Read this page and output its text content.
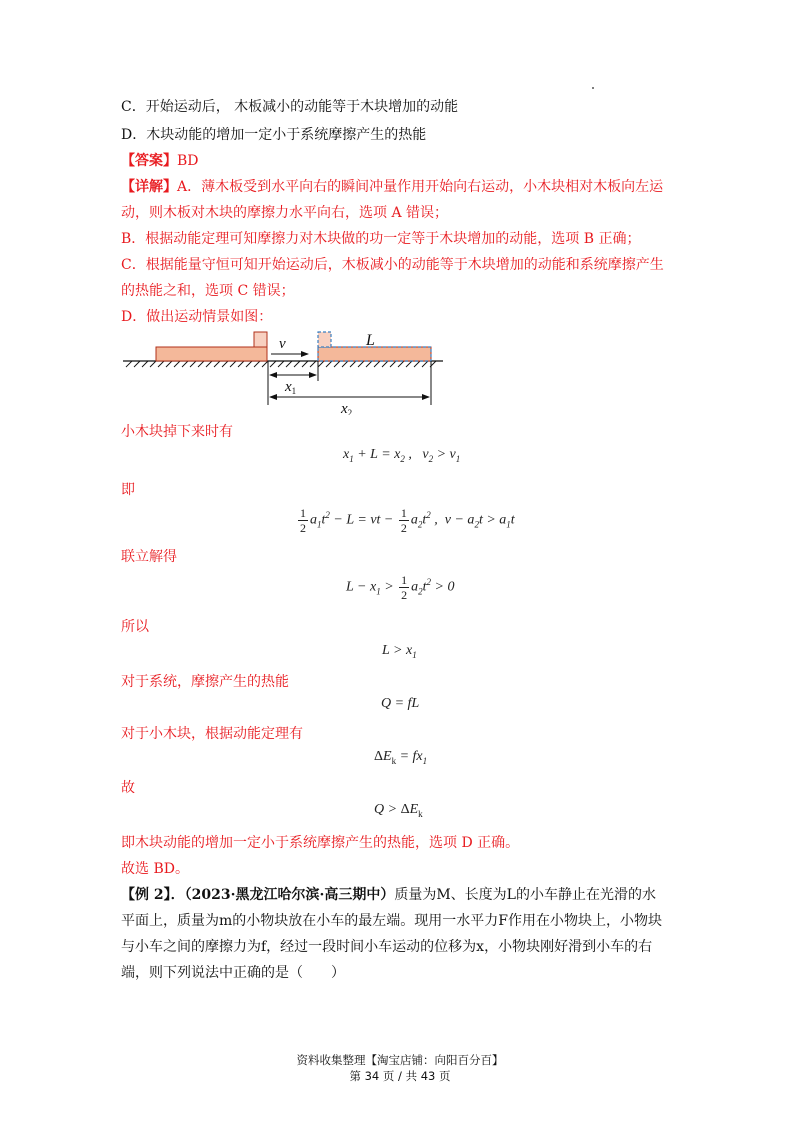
C．开始运动后， 木板减小的动能等于木块增加的动能
D．木块动能的增加一定小于系统摩擦产生的热能
【答案】BD
【详解】A．薄木板受到水平向右的瞬间冲量作用开始向右运动，小木块相对木板向左运
动，则木板对木块的摩擦力水平向右，选项 A 错误；
B．根据动能定理可知摩擦力对木块做的功一定等于木块增加的动能，选项 B 正确；
C．根据能量守恒可知开始运动后，木板减小的动能等于木块增加的动能和系统摩擦产生
的热能之和，选项 C 错误；
D．做出运动情景如图：
v	L
$x_1$
$x_2$
小木块掉下来时有
$x_1 + L = x_2$ ,   $v_2 > v_1$
即
$\frac{1}{2} a_1t^2 - L$ = vt − $\frac{1}{2} a_2t^2$ ,  $v - a_2t > a_1t$
联立解得
$L - x_1 > \frac{1}{2} a_2t^2 > 0$
所以
$L > x_1$
对于系统，摩擦产生的热能
Q = fL
对于小木块，根据动能定理有
$\Delta E_k = fx_1$
故
$Q > \Delta E_k$
即木块动能的增加一定小于系统摩擦产生的热能，选项 D 正确。
故选 BD。
【例 2】．（2023·黑龙江哈尔滨·高三期中）质量为M、长度为L的小车静止在光滑的水
平面上，质量为m的小物块放在小车的最左端。现用一水平力F作用在小物块上，小物块
与小车之间的摩擦力为f，经过一段时间小车运动的位移为x，小物块刚好滑到小车的右
端，则下列说法中正确的是（　　）
资料收集整理【淘宝店铺：向阳百分百】
第 34 页 / 共 43 页
